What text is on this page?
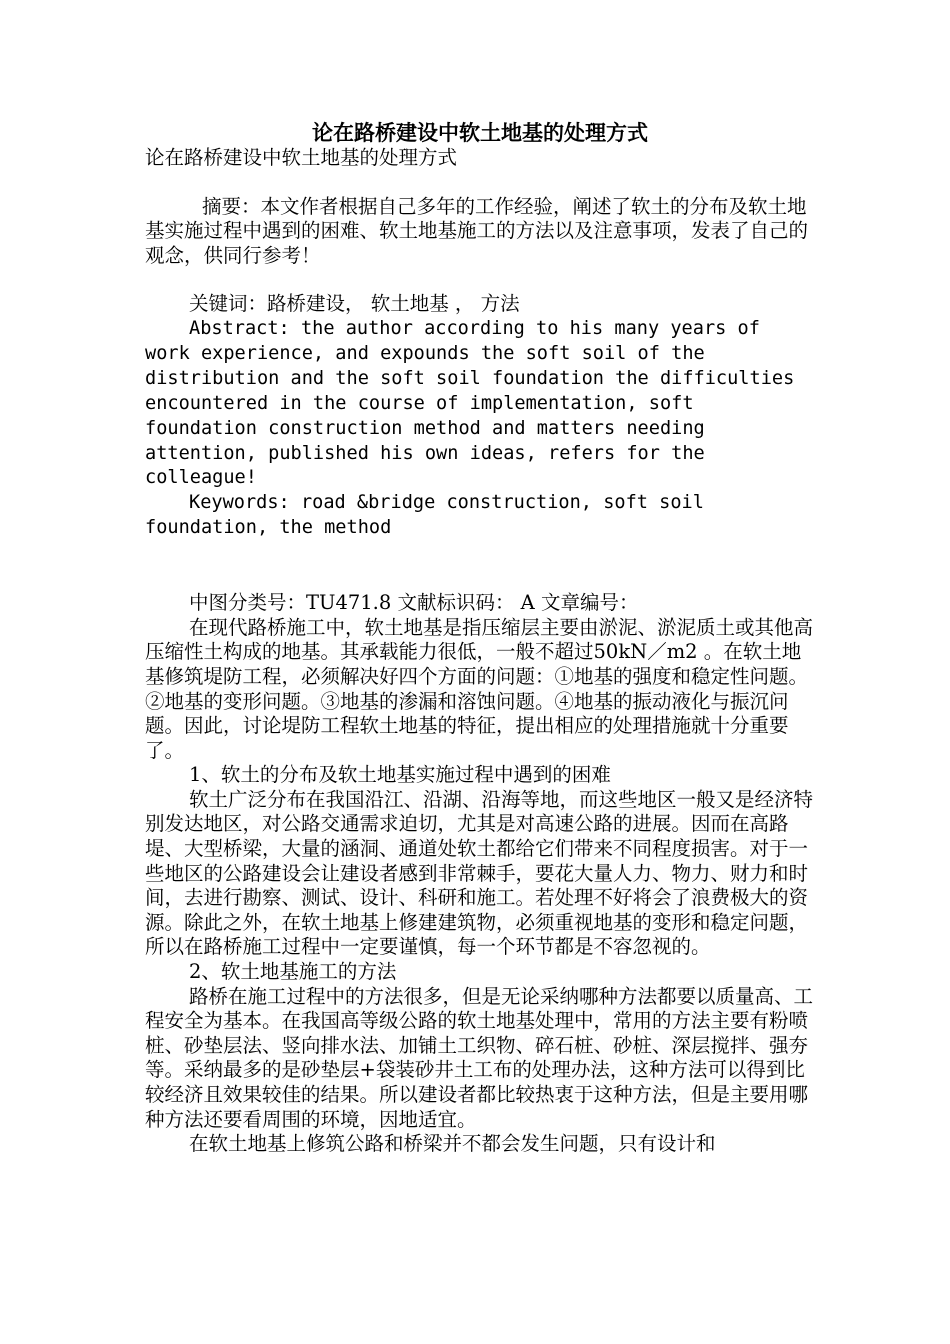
论在路桥建设中软土地基的处理方式

论在路桥建设中软土地基的处理方式

摘要：本文作者根据自己多年的工作经验，阐述了软土的分布及软土地基实施过程中遇到的困难、软土地基施工的方法以及注意事项，发表了自己的观念，供同行参考！

关键词：路桥建设， 软土地基 ， 方法

Abstract: the author according to his many years of work experience, and expounds the soft soil of the distribution and the soft soil foundation the difficulties encountered in the course of implementation, soft foundation construction method and matters needing attention, published his own ideas, refers for the colleague!

Keywords: road &bridge construction, soft soil foundation, the method

中图分类号：TU471.8 文献标识码： A 文章编号：

在现代路桥施工中，软土地基是指压缩层主要由淤泥、淤泥质土或其他高压缩性土构成的地基。其承载能力很低，一般不超过50kN／m2 。在软土地基修筑堤防工程，必须解决好四个方面的问题：①地基的强度和稳定性问题。②地基的变形问题。③地基的渗漏和溶蚀问题。④地基的振动液化与振沉问题。因此，讨论堤防工程软土地基的特征，提出相应的处理措施就十分重要了。

1、软土的分布及软土地基实施过程中遇到的困难

软土广泛分布在我国沿江、沿湖、沿海等地，而这些地区一般又是经济特别发达地区，对公路交通需求迫切，尤其是对高速公路的进展。因而在高路堤、大型桥梁，大量的涵洞、通道处软土都给它们带来不同程度损害。对于一些地区的公路建设会让建设者感到非常棘手，要花大量人力、物力、财力和时间，去进行勘察、测试、设计、科研和施工。若处理不好将会了浪费极大的资源。除此之外，在软土地基上修建建筑物，必须重视地基的变形和稳定问题，所以在路桥施工过程中一定要谨慎，每一个环节都是不容忽视的。

2、软土地基施工的方法

路桥在施工过程中的方法很多，但是无论采纳哪种方法都要以质量高、工程安全为基本。在我国高等级公路的软土地基处理中，常用的方法主要有粉喷桩、砂垫层法、竖向排水法、加铺土工织物、碎石桩、砂桩、深层搅拌、强夯等。采纳最多的是砂垫层+袋装砂井土工布的处理办法，这种方法可以得到比较经济且效果较佳的结果。所以建设者都比较热衷于这种方法，但是主要用哪种方法还要看周围的环境，因地适宜。

在软土地基上修筑公路和桥梁并不都会发生问题，只有设计和
